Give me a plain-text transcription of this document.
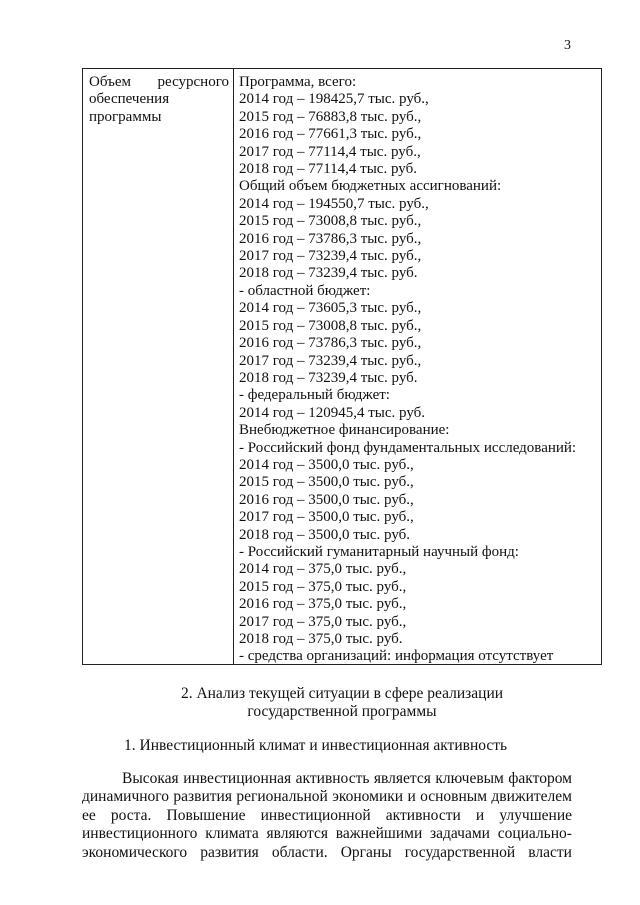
3
Объем ресурсного
обеспечения
программы
Программа, всего:
2014 год – 198425,7 тыс. руб.,
2015 год – 76883,8 тыс. руб.,
2016 год – 77661,3 тыс. руб.,
2017 год – 77114,4 тыс. руб.,
2018 год – 77114,4 тыс. руб.
Общий объем бюджетных ассигнований:
2014 год – 194550,7 тыс. руб.,
2015 год – 73008,8 тыс. руб.,
2016 год – 73786,3 тыс. руб.,
2017 год – 73239,4 тыс. руб.,
2018 год – 73239,4 тыс. руб.
- областной бюджет:
2014 год – 73605,3 тыс. руб.,
2015 год – 73008,8 тыс. руб.,
2016 год – 73786,3 тыс. руб.,
2017 год – 73239,4 тыс. руб.,
2018 год – 73239,4 тыс. руб.
- федеральный бюджет:
2014 год – 120945,4 тыс. руб.
Внебюджетное финансирование:
- Российский фонд фундаментальных исследований:
2014 год – 3500,0 тыс. руб.,
2015 год – 3500,0 тыс. руб.,
2016 год – 3500,0 тыс. руб.,
2017 год – 3500,0 тыс. руб.,
2018 год – 3500,0 тыс. руб.
- Российский гуманитарный научный фонд:
2014 год – 375,0 тыс. руб.,
2015 год – 375,0 тыс. руб.,
2016 год – 375,0 тыс. руб.,
2017 год – 375,0 тыс. руб.,
2018 год – 375,0 тыс. руб.
- средства организаций: информация отсутствует
2. Анализ текущей ситуации в сфере реализации
государственной программы
1. Инвестиционный климат и инвестиционная активность
Высокая инвестиционная активность является ключевым фактором
динамичного развития региональной экономики и основным движителем
ее роста. Повышение инвестиционной активности и улучшение
инвестиционного климата являются важнейшими задачами социально-
экономического развития области. Органы государственной власти
